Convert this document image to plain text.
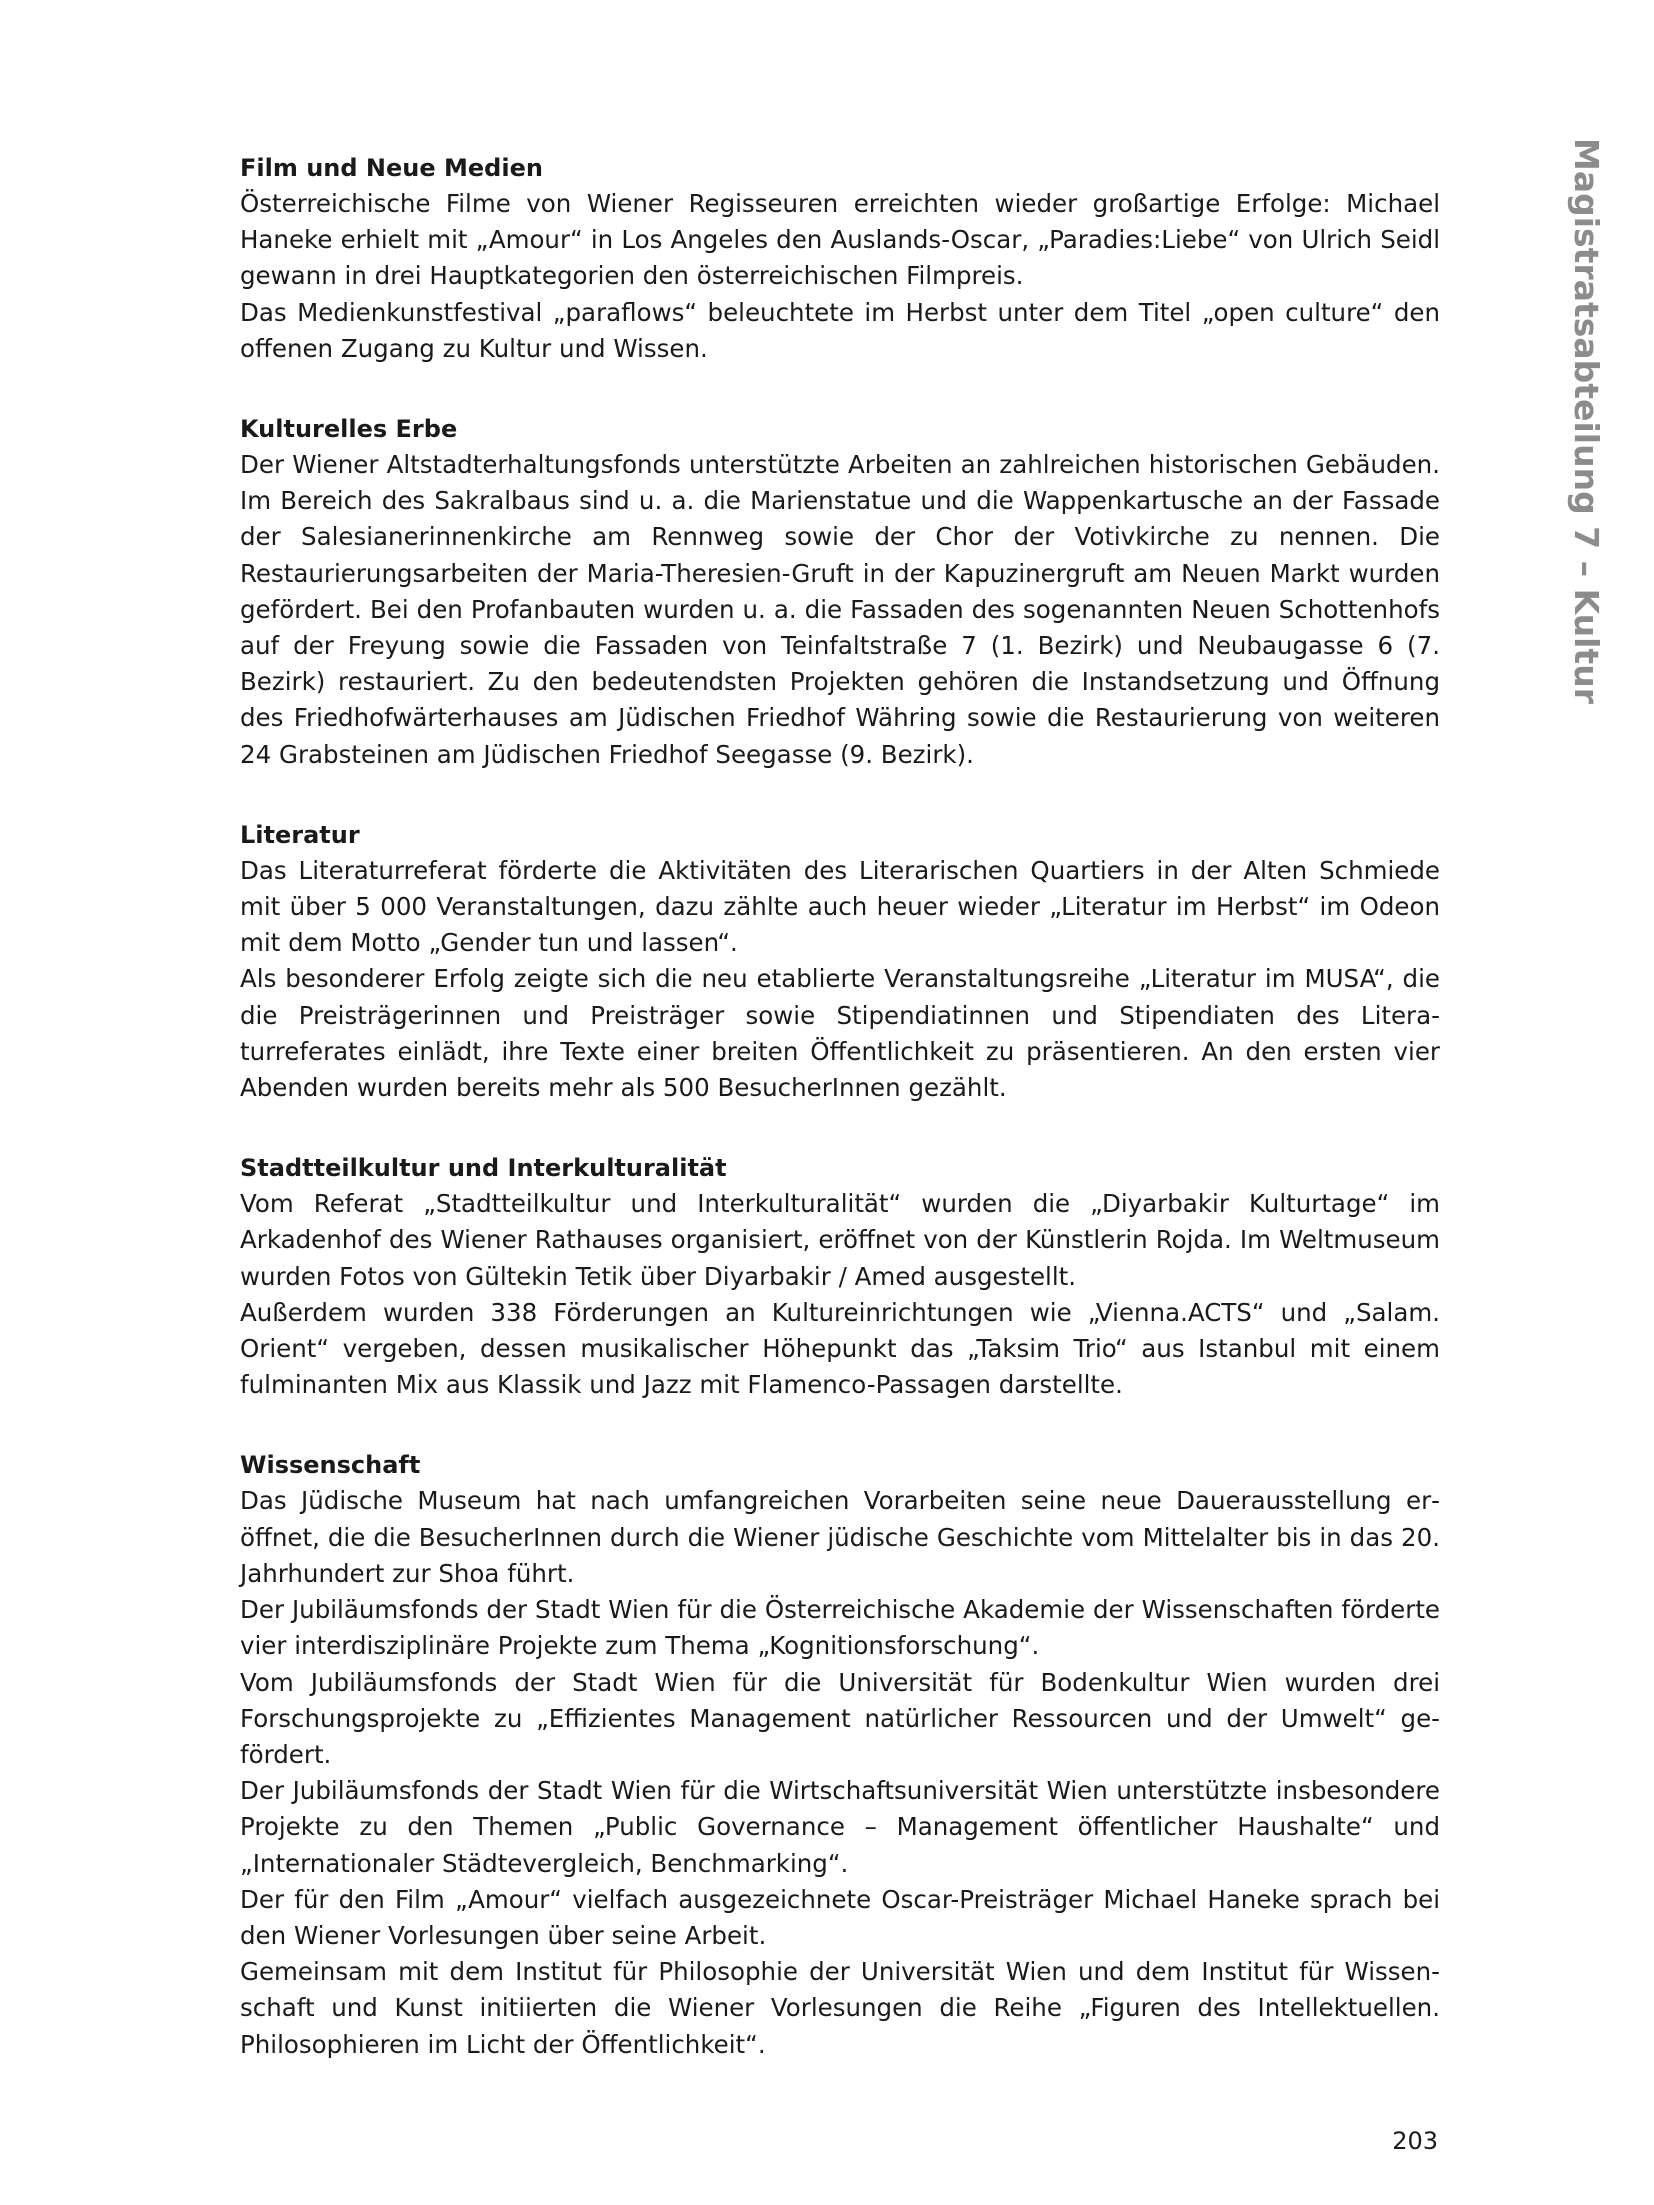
Magistratsabteilung 7 – Kultur

Film und Neue Medien

Österreichische Filme von Wiener Regisseuren erreichten wieder großartige Erfolge: Michael Haneke erhielt mit „Amour“ in Los Angeles den Auslands-Oscar, „Paradies:Liebe“ von Ulrich Seidl gewann in drei Hauptkategorien den österreichischen Filmpreis.

Das Medienkunstfestival „paraflows“ beleuchtete im Herbst unter dem Titel „open culture“ den offenen Zugang zu Kultur und Wissen.

Kulturelles Erbe

Der Wiener Altstadterhaltungsfonds unterstützte Arbeiten an zahlreichen historischen Gebäuden. Im Bereich des Sakralbaus sind u. a. die Marienstatue und die Wappenkartusche an der Fassade der Salesianerinnenkirche am Rennweg sowie der Chor der Votivkirche zu nennen. Die Restaurierungsarbeiten der Maria-Theresien-Gruft in der Kapuzinergruft am Neuen Markt wurden gefördert. Bei den Profanbauten wurden u. a. die Fassaden des sogenannten Neuen Schottenhofs auf der Freyung sowie die Fassaden von Teinfaltstraße 7 (1. Bezirk) und Neubaugasse 6 (7. Bezirk) restauriert. Zu den bedeutendsten Projekten gehören die Instandsetzung und Öffnung des Friedhofwärterhauses am Jüdischen Friedhof Währing sowie die Restaurierung von weiteren 24 Grabsteinen am Jüdischen Friedhof Seegasse (9. Bezirk).

Literatur

Das Literaturreferat förderte die Aktivitäten des Literarischen Quartiers in der Alten Schmiede mit über 5 000 Veranstaltungen, dazu zählte auch heuer wieder „Literatur im Herbst“ im Odeon mit dem Motto „Gender tun und lassen“.

Als besonderer Erfolg zeigte sich die neu etablierte Veranstaltungsreihe „Literatur im MUSA“, die die Preisträgerinnen und Preisträger sowie Stipendiatinnen und Stipendiaten des Literaturreferates einlädt, ihre Texte einer breiten Öffentlichkeit zu präsentieren. An den ersten vier Abenden wurden bereits mehr als 500 BesucherInnen gezählt.

Stadtteilkultur und Interkulturalität

Vom Referat „Stadtteilkultur und Interkulturalität“ wurden die „Diyarbakir Kulturtage“ im Arkadenhof des Wiener Rathauses organisiert, eröffnet von der Künstlerin Rojda. Im Weltmuseum wurden Fotos von Gültekin Tetik über Diyarbakir / Amed ausgestellt.

Außerdem wurden 338 Förderungen an Kultureinrichtungen wie „Vienna.ACTS“ und „Salam. Orient“ vergeben, dessen musikalischer Höhepunkt das „Taksim Trio“ aus Istanbul mit einem fulminanten Mix aus Klassik und Jazz mit Flamenco-Passagen darstellte.

Wissenschaft

Das Jüdische Museum hat nach umfangreichen Vorarbeiten seine neue Dauerausstellung eröffnet, die die BesucherInnen durch die Wiener jüdische Geschichte vom Mittelalter bis in das 20. Jahrhundert zur Shoa führt.

Der Jubiläumsfonds der Stadt Wien für die Österreichische Akademie der Wissenschaften förderte vier interdisziplinäre Projekte zum Thema „Kognitionsforschung“.

Vom Jubiläumsfonds der Stadt Wien für die Universität für Bodenkultur Wien wurden drei Forschungsprojekte zu „Effizientes Management natürlicher Ressourcen und der Umwelt“ gefördert.

Der Jubiläumsfonds der Stadt Wien für die Wirtschaftsuniversität Wien unterstützte insbesondere Projekte zu den Themen „Public Governance – Management öffentlicher Haushalte“ und „Internationaler Städtevergleich, Benchmarking“.

Der für den Film „Amour“ vielfach ausgezeichnete Oscar-Preisträger Michael Haneke sprach bei den Wiener Vorlesungen über seine Arbeit.

Gemeinsam mit dem Institut für Philosophie der Universität Wien und dem Institut für Wissenschaft und Kunst initiierten die Wiener Vorlesungen die Reihe „Figuren des Intellektuellen. Philosophieren im Licht der Öffentlichkeit“.

203
